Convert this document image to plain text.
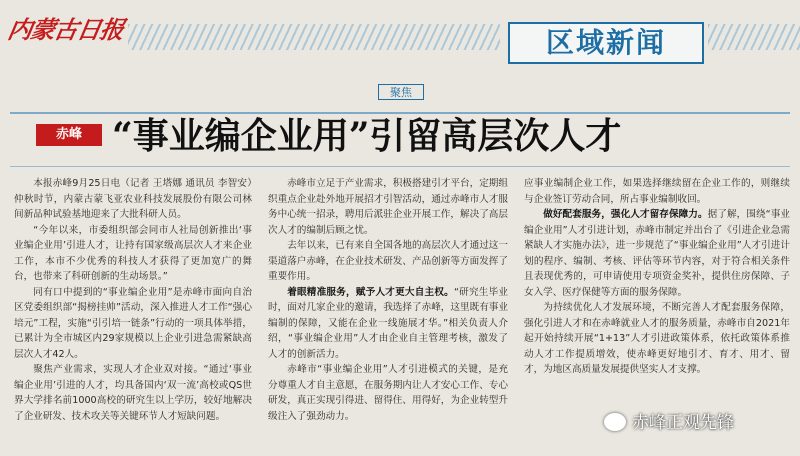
内蒙古日报	区域新闻
聚焦
赤峰 “事业编企业用”引留高层次人才

本报赤峰9月25日电（记者 王塔娜 通讯员 李智安）仲秋时节，内蒙古蒙飞亚农业科技发展股份有限公司林间新品种试验基地迎来了大批科研人员。

“今年以来，市委组织部会同市人社局创新推出‘事业编企业用’引进人才，让持有国家级高层次人才来企业工作，本市不少优秀的科技人才获得了更加宽广的舞台，也带来了科研创新的生动场景。”

同有口中提到的“事业编企业用”是赤峰市面向自治区党委组织部“揭榜挂帅”活动，深入推进人才工作“强心培元”工程，实施“引引培一链条”行动的一项具体举措，已累计为全市城区内29家规模以上企业引进急需紧缺高层次人才42人。

聚焦产业需求，实现人才企业双对接。“通过‘事业编企业用’引进的人才，均具备国内‘双一流’高校或QS世界大学排名前1000高校的研究生以上学历，较好地解决了企业研发、技术攻关等关键环节人才短缺问题。

赤峰市立足于产业需求，积极搭建引才平台，定期组织重点企业赴外地开展招才引智活动，通过赤峰市人才服务中心统一招录，聘用后派驻企业开展工作，解决了高层次人才的编制后顾之忧。

去年以来，已有来自全国各地的高层次人才通过这一渠道落户赤峰，在企业技术研发、产品创新等方面发挥了重要作用。

着眼精准服务，赋予人才更大自主权。“研究生毕业时，面对几家企业的邀请，我选择了赤峰，这里既有事业编制的保障，又能在企业一线施展才华。”相关负责人介绍，“事业编企业用”人才由企业自主管理考核，激发了人才的创新活力。

赤峰市“事业编企业用”人才引进模式的关键，是充分尊重人才自主意愿，在服务期内让人才安心工作、专心研发，真正实现引得进、留得住、用得好，为企业转型升级注入了强劲动力。

应事业编制企业工作，如果选择继续留在企业工作的，则继续与企业签订劳动合同，所占事业编制收回。

做好配套服务，强化人才留存保障力。据了解，围绕“事业编企业用”人才引进计划，赤峰市制定并出台了《引进企业急需紧缺人才实施办法》，进一步规范了“事业编企业用”人才引进计划的程序、编制、考核、评估等环节内容，对于符合相关条件且表现优秀的，可申请使用专项资金奖补，提供住房保障、子女入学、医疗保健等方面的服务保障。

为持续优化人才发展环境，不断完善人才配套服务保障，强化引进人才和在赤峰就业人才的服务质量，赤峰市自2021年起开始持续开展“1+13”人才引进政策体系，依托政策体系推动人才工作提质增效，使赤峰更好地引才、育才、用才、留才，为地区高质量发展提供坚实人才支撑。

赤峰正观先锋
